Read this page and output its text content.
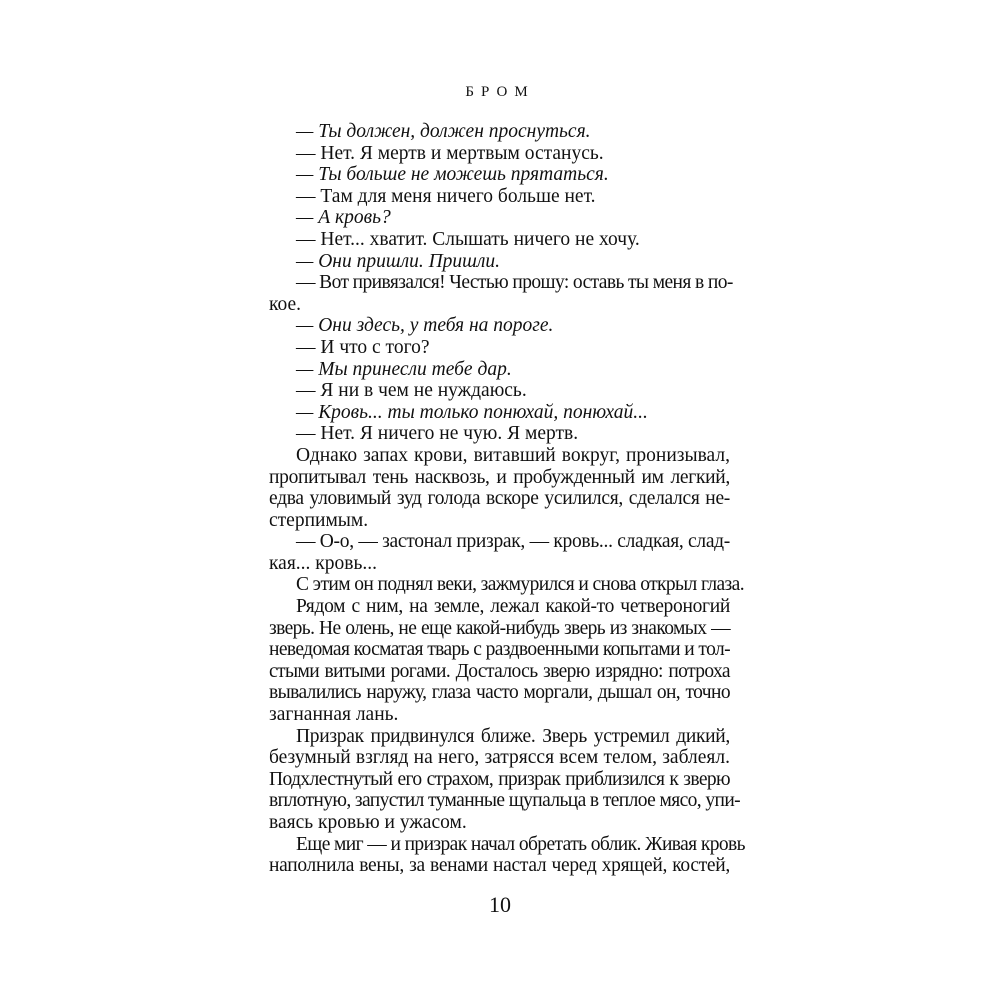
БРОМ
— Ты должен, должен проснуться.
— Нет. Я мертв и мертвым останусь.
— Ты больше не можешь прятаться.
— Там для меня ничего больше нет.
— А кровь?
— Нет... хватит. Слышать ничего не хочу.
— Они пришли. Пришли.
— Вот привязался! Честью прошу: оставь ты меня в по-
кое.
— Они здесь, у тебя на пороге.
— И что с того?
— Мы принесли тебе дар.
— Я ни в чем не нуждаюсь.
— Кровь... ты только понюхай, понюхай...
— Нет. Я ничего не чую. Я мертв.
Однако запах крови, витавший вокруг, пронизывал,
пропитывал тень насквозь, и пробужденный им легкий,
едва уловимый зуд голода вскоре усилился, сделался не-
стерпимым.
— О-о, — застонал призрак, — кровь... сладкая, слад-
кая... кровь...
С этим он поднял веки, зажмурился и снова открыл глаза.
Рядом с ним, на земле, лежал какой-то четвероногий
зверь. Не олень, не еще какой-нибудь зверь из знакомых —
неведомая косматая тварь с раздвоенными копытами и тол-
стыми витыми рогами. Досталось зверю изрядно: потроха
вывалились наружу, глаза часто моргали, дышал он, точно
загнанная лань.
Призрак придвинулся ближе. Зверь устремил дикий,
безумный взгляд на него, затрясся всем телом, заблеял.
Подхлестнутый его страхом, призрак приблизился к зверю
вплотную, запустил туманные щупальца в теплое мясо, упи-
ваясь кровью и ужасом.
Еще миг — и призрак начал обретать облик. Живая кровь
наполнила вены, за венами настал черед хрящей, костей,
10
